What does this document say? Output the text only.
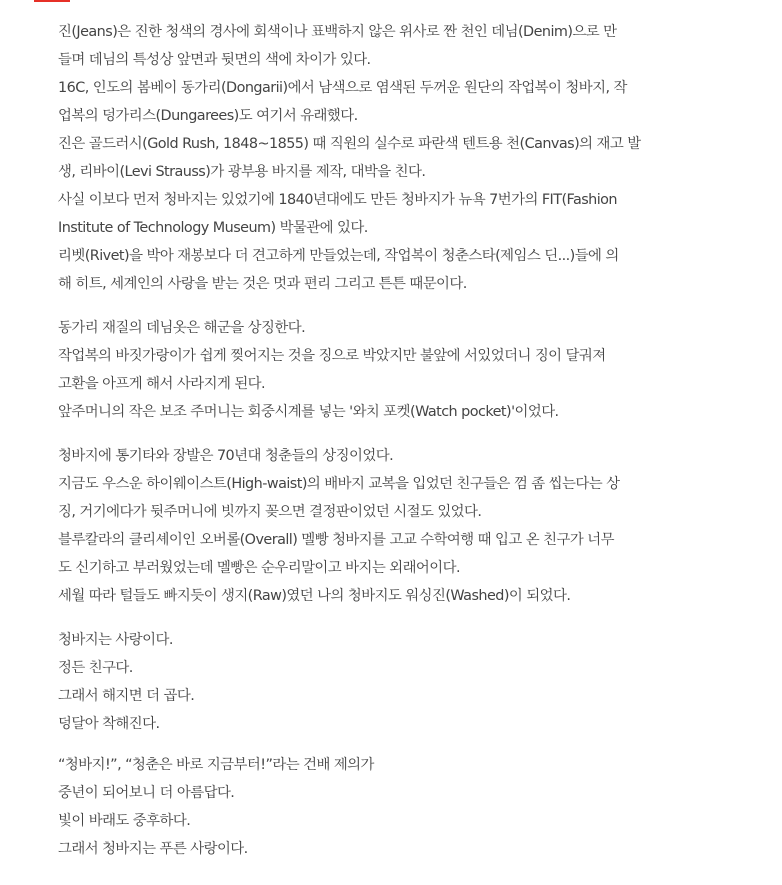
진(Jeans)은 진한 청색의 경사에 회색이나 표백하지 않은 위사로 짠 천인 데님(Denim)으로 만
들며 데님의 특성상 앞면과 뒷면의 색에 차이가 있다.
16C, 인도의 봄베이 동가리(Dongarii)에서 남색으로 염색된 두꺼운 원단의 작업복이 청바지, 작
업복의 덩가리스(Dungarees)도 여기서 유래했다.
진은 골드러시(Gold Rush, 1848~1855) 때 직원의 실수로 파란색 텐트용 천(Canvas)의 재고 발
생, 리바이(Levi Strauss)가 광부용 바지를 제작, 대박을 친다.
사실 이보다 먼저 청바지는 있었기에 1840년대에도 만든 청바지가 뉴욕 7번가의 FIT(Fashion
Institute of Technology Museum) 박물관에 있다.
리벳(Rivet)을 박아 재봉보다 더 견고하게 만들었는데, 작업복이 청춘스타(제임스 딘...)들에 의
해 히트, 세계인의 사랑을 받는 것은 멋과 편리 그리고 튼튼 때문이다.
동가리 재질의 데님옷은 해군을 상징한다.
작업복의 바짓가랑이가 쉽게 찢어지는 것을 징으로 박았지만 불앞에 서있었더니 징이 달궈져
고환을 아프게 해서 사라지게 된다.
앞주머니의 작은 보조 주머니는 회중시계를 넣는 '와치 포켓(Watch pocket)'이었다.
청바지에 통기타와 장발은 70년대 청춘들의 상징이었다.
지금도 우스운 하이웨이스트(High-waist)의 배바지 교복을 입었던 친구들은 껌 좀 씹는다는 상
징, 거기에다가 뒷주머니에 빗까지 꽂으면 결정판이었던 시절도 있었다.
블루칼라의 클리셰이인 오버롤(Overall) 멜빵 청바지를 고교 수학여행 때 입고 온 친구가 너무
도 신기하고 부러웠었는데 멜빵은 순우리말이고 바지는 외래어이다.
세월 따라 털들도 빠지듯이 생지(Raw)였던 나의 청바지도 워싱진(Washed)이 되었다.
청바지는 사랑이다.
정든 친구다.
그래서 해지면 더 곱다.
덩달아 착해진다.
“청바지!”, “청춘은 바로 지금부터!”라는 건배 제의가
중년이 되어보니 더 아름답다.
빛이 바래도 중후하다.
그래서 청바지는 푸른 사랑이다.
